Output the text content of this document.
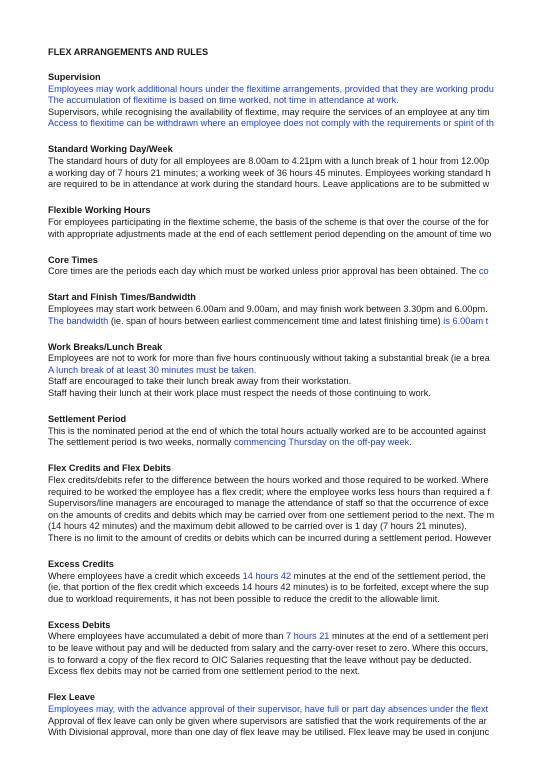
FLEX ARRANGEMENTS AND RULES
Supervision
Employees may work additional hours under the flexitime arrangements, provided that they are working produ
The accumulation of flexitime is based on time worked, not time in attendance at work.
Supervisors, while recognising the availability of flextime, may require the services of an employee at any tim
Access to flexitime can be withdrawn where an employee does not comply with the requirements or spirit of th
Standard Working Day/Week
The standard hours of duty for all employees are 8.00am to 4.21pm with a lunch break of 1 hour from 12.00p
a working day of 7 hours 21 minutes; a working week of 36 hours 45 minutes. Employees working standard h
are required to be in attendance at work during the standard hours. Leave applications are to be submitted w
Flexible Working Hours
For employees participating in the flextime scheme, the basis of the scheme is that over the course of the for
with appropriate adjustments made at the end of each settlement period depending on the amount of time wo
Core Times
Core times are the periods each day which must be worked unless prior approval has been obtained. The co
Start and Finish Times/Bandwidth
Employees may start work between 6.00am and 9.00am, and may finish work between 3.30pm and 6.00pm.
The bandwidth (ie. span of hours between earliest commencement time and latest finishing time) is 6.00am t
Work Breaks/Lunch Break
Employees are not to work for more than five hours continuously without taking a substantial break (ie a brea
A lunch break of at least 30 minutes must be taken.
Staff are encouraged to take their lunch break away from their workstation.
Staff having their lunch at their work place must respect the needs of those continuing to work.
Settlement Period
This is the nominated period at the end of which the total hours actually worked are to be accounted against
The settlement period is two weeks, normally commencing Thursday on the off-pay week.
Flex Credits and Flex Debits
Flex credits/debits refer to the difference between the hours worked and those required to be worked. Where
required to be worked the employee has a flex credit; where the employee works less hours than required a f
Supervisors/line managers are encouraged to manage the attendance of staff so that the occurrence of exce
on the amounts of credits and debits which may be carried over from one settlement period to the next. The m
(14 hours 42 minutes) and the maximum debit allowed to be carried over is 1 day (7 hours 21 minutes).
There is no limit to the amount of credits or debits which can be incurred during a settlement period. However
Excess Credits
Where employees have a credit which exceeds 14 hours 42 minutes at the end of the settlement period, the
(ie. that portion of the flex credit which exceeds 14 hours 42 minutes) is to be forfeited, except where the sup
due to workload requirements, it has not been possible to reduce the credit to the allowable limit.
Excess Debits
Where employees have accumulated a debit of more than 7 hours 21 minutes at the end of a settlement peri
to be leave without pay and will be deducted from salary and the carry-over reset to zero. Where this occurs,
is to forward a copy of the flex record to OIC Salaries requesting that the leave without pay be deducted.
Excess flex debits may not be carried from one settlement period to the next.
Flex Leave
Employees may, with the advance approval of their supervisor, have full or part day absences under the flext
Approval of flex leave can only be given where supervisors are satisfied that the work requirements of the ar
With Divisional approval, more than one day of flex leave may be utilised. Flex leave may be used in conjunc
